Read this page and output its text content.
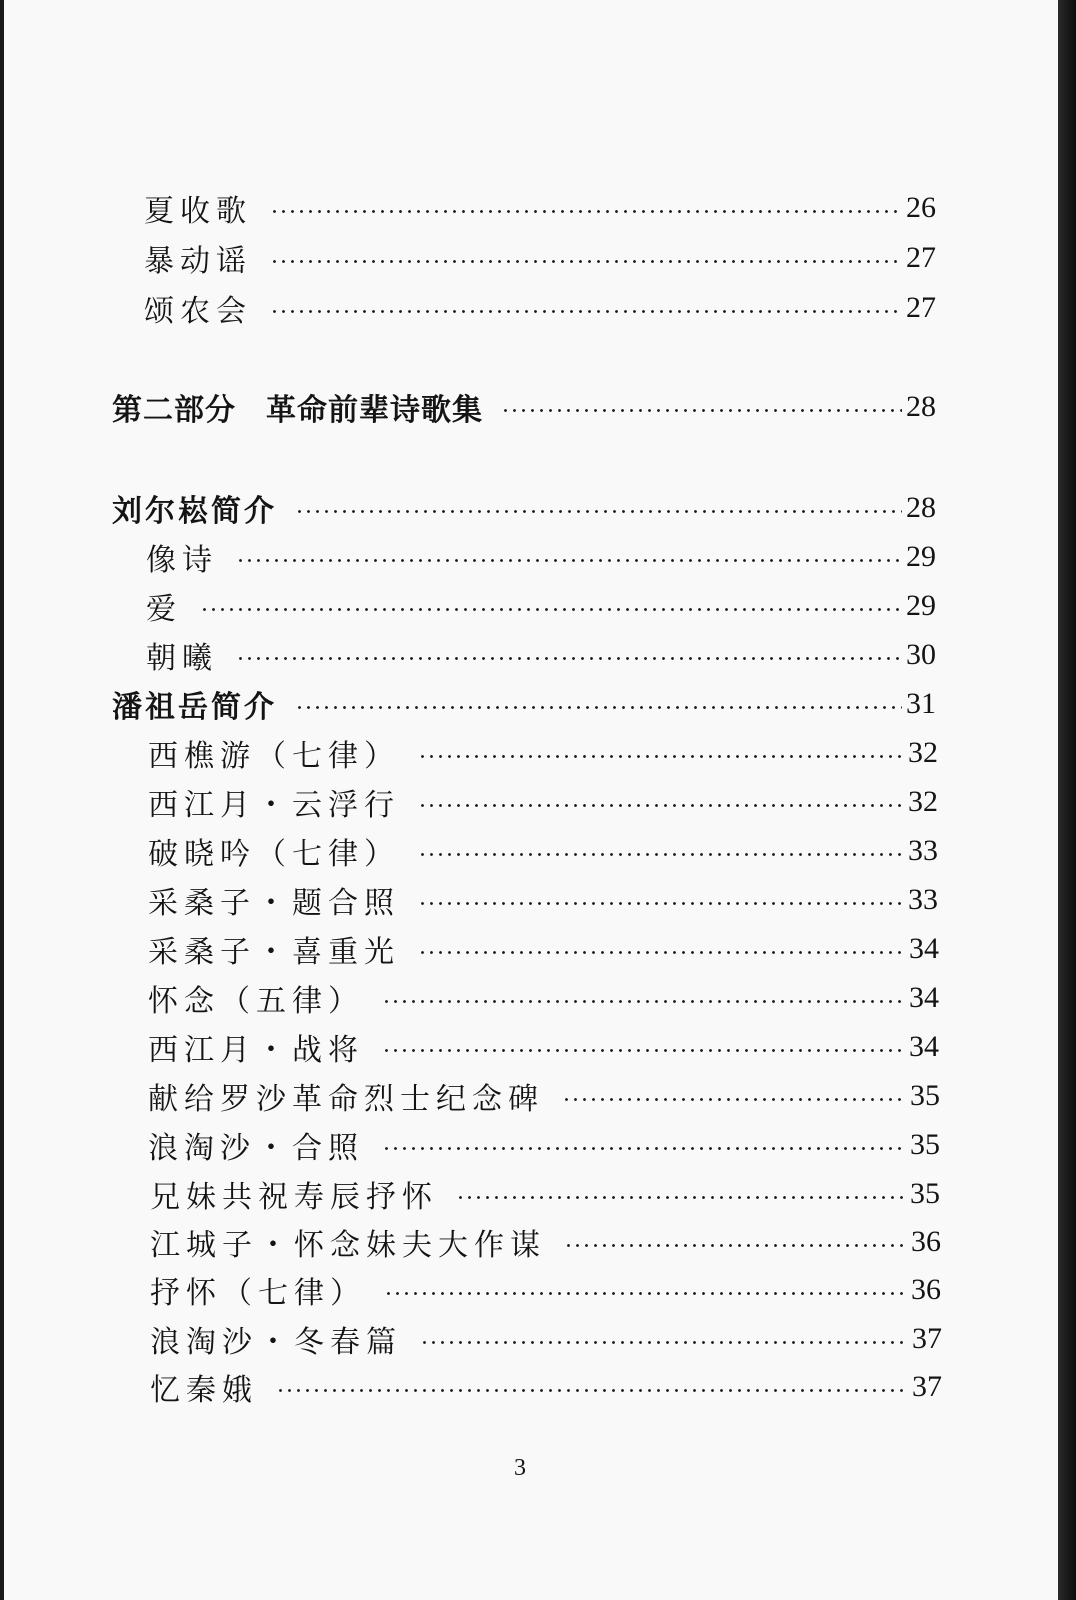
夏收歌	26
暴动谣	27
颂农会	27
第二部分 革命前辈诗歌集	28
刘尔崧简介	28
像诗	29
爱	29
朝曦	30
潘祖岳简介	31
西樵游（七律）	32
西江月・云浮行	32
破晓吟（七律）	33
采桑子・题合照	33
采桑子・喜重光	34
怀念（五律）	34
西江月・战将	34
献给罗沙革命烈士纪念碑	35
浪淘沙・合照	35
兄妹共祝寿辰抒怀	35
江城子・怀念妹夫大作谋	36
抒怀（七律）	36
浪淘沙・冬春篇	37
忆秦娥	37
3
